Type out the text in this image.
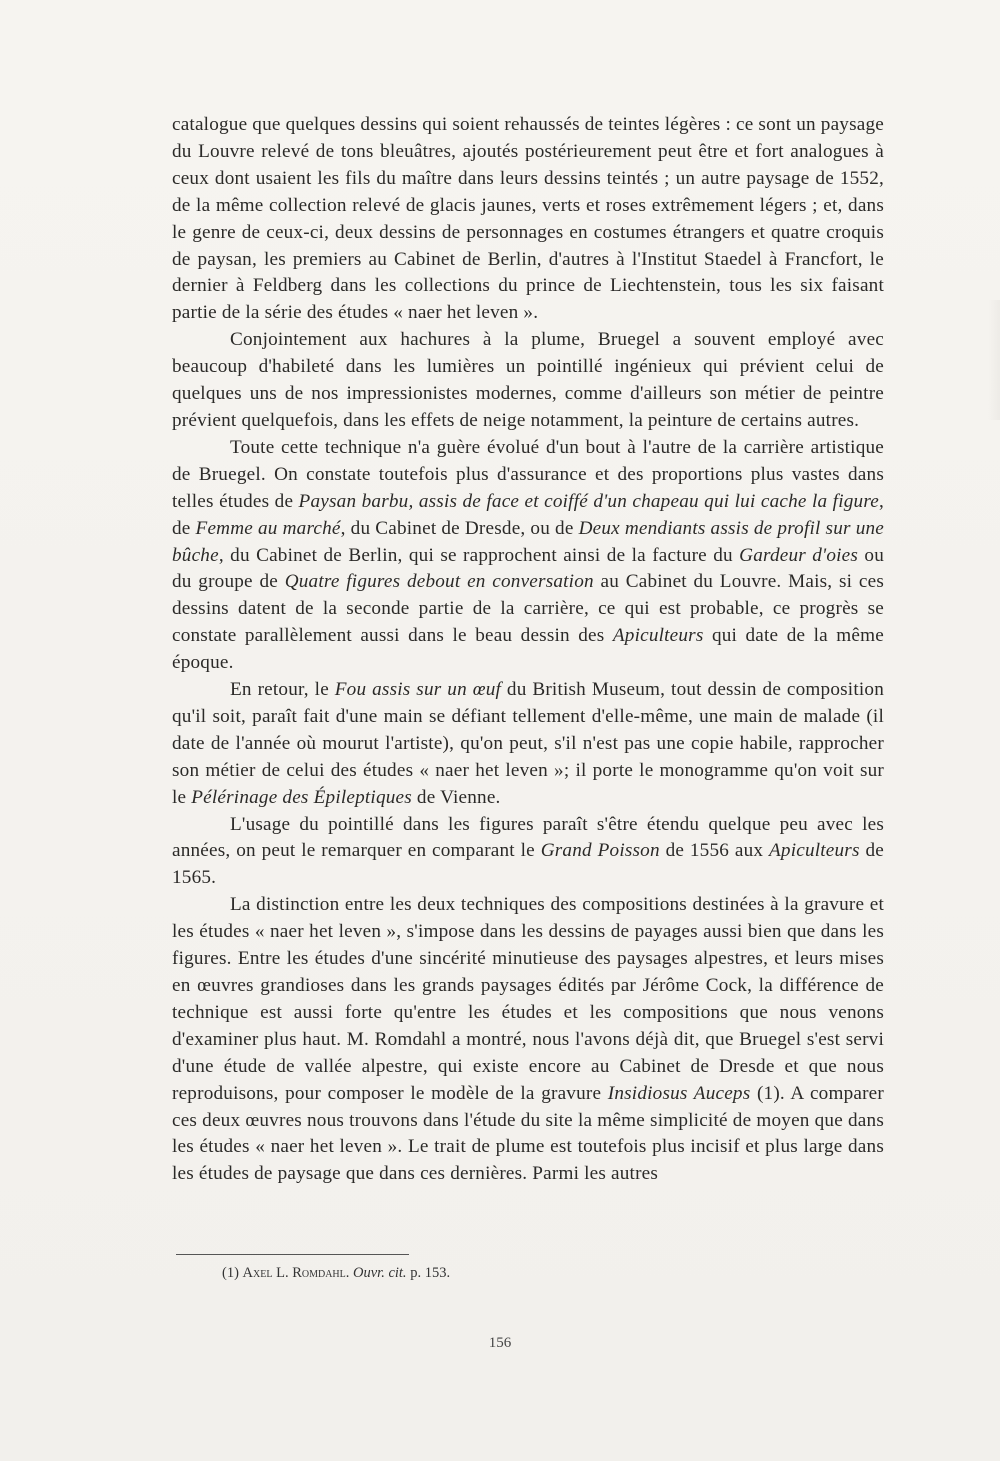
catalogue que quelques dessins qui soient rehaussés de teintes légères : ce sont un paysage du Louvre relevé de tons bleuâtres, ajoutés postérieurement peut être et fort analogues à ceux dont usaient les fils du maître dans leurs dessins teintés ; un autre paysage de 1552, de la même collection relevé de glacis jaunes, verts et roses extrêmement légers ; et, dans le genre de ceux-ci, deux dessins de personnages en costumes étrangers et quatre croquis de paysan, les premiers au Cabinet de Berlin, d'autres à l'Institut Staedel à Francfort, le dernier à Feldberg dans les collections du prince de Liechtenstein, tous les six faisant partie de la série des études « naer het leven ».

Conjointement aux hachures à la plume, Bruegel a souvent employé avec beaucoup d'habileté dans les lumières un pointillé ingénieux qui prévient celui de quelques uns de nos impressionistes modernes, comme d'ailleurs son métier de peintre prévient quelquefois, dans les effets de neige notamment, la peinture de certains autres.

Toute cette technique n'a guère évolué d'un bout à l'autre de la carrière artistique de Bruegel. On constate toutefois plus d'assurance et des proportions plus vastes dans telles études de Paysan barbu, assis de face et coiffé d'un chapeau qui lui cache la figure, de Femme au marché, du Cabinet de Dresde, ou de Deux mendiants assis de profil sur une bûche, du Cabinet de Berlin, qui se rapprochent ainsi de la facture du Gardeur d'oies ou du groupe de Quatre figures debout en conversation au Cabinet du Louvre. Mais, si ces dessins datent de la seconde partie de la carrière, ce qui est probable, ce progrès se constate parallèlement aussi dans le beau dessin des Apiculteurs qui date de la même époque.

En retour, le Fou assis sur un œuf du British Museum, tout dessin de composition qu'il soit, paraît fait d'une main se défiant tellement d'elle-même, une main de malade (il date de l'année où mourut l'artiste), qu'on peut, s'il n'est pas une copie habile, rapprocher son métier de celui des études « naer het leven »; il porte le monogramme qu'on voit sur le Pélérinage des Épileptiques de Vienne.

L'usage du pointillé dans les figures paraît s'être étendu quelque peu avec les années, on peut le remarquer en comparant le Grand Poisson de 1556 aux Apiculteurs de 1565.

La distinction entre les deux techniques des compositions destinées à la gravure et les études « naer het leven », s'impose dans les dessins de payages aussi bien que dans les figures. Entre les études d'une sincérité minutieuse des paysages alpestres, et leurs mises en œuvres grandioses dans les grands paysages édités par Jérôme Cock, la différence de technique est aussi forte qu'entre les études et les compositions que nous venons d'examiner plus haut. M. Romdahl a montré, nous l'avons déjà dit, que Bruegel s'est servi d'une étude de vallée alpestre, qui existe encore au Cabinet de Dresde et que nous reproduisons, pour composer le modèle de la gravure Insidiosus Auceps (1). A comparer ces deux œuvres nous trouvons dans l'étude du site la même simplicité de moyen que dans les études « naer het leven ». Le trait de plume est toutefois plus incisif et plus large dans les études de paysage que dans ces dernières. Parmi les autres

(1) Axel L. Romdahl. Ouvr. cit. p. 153.
156
